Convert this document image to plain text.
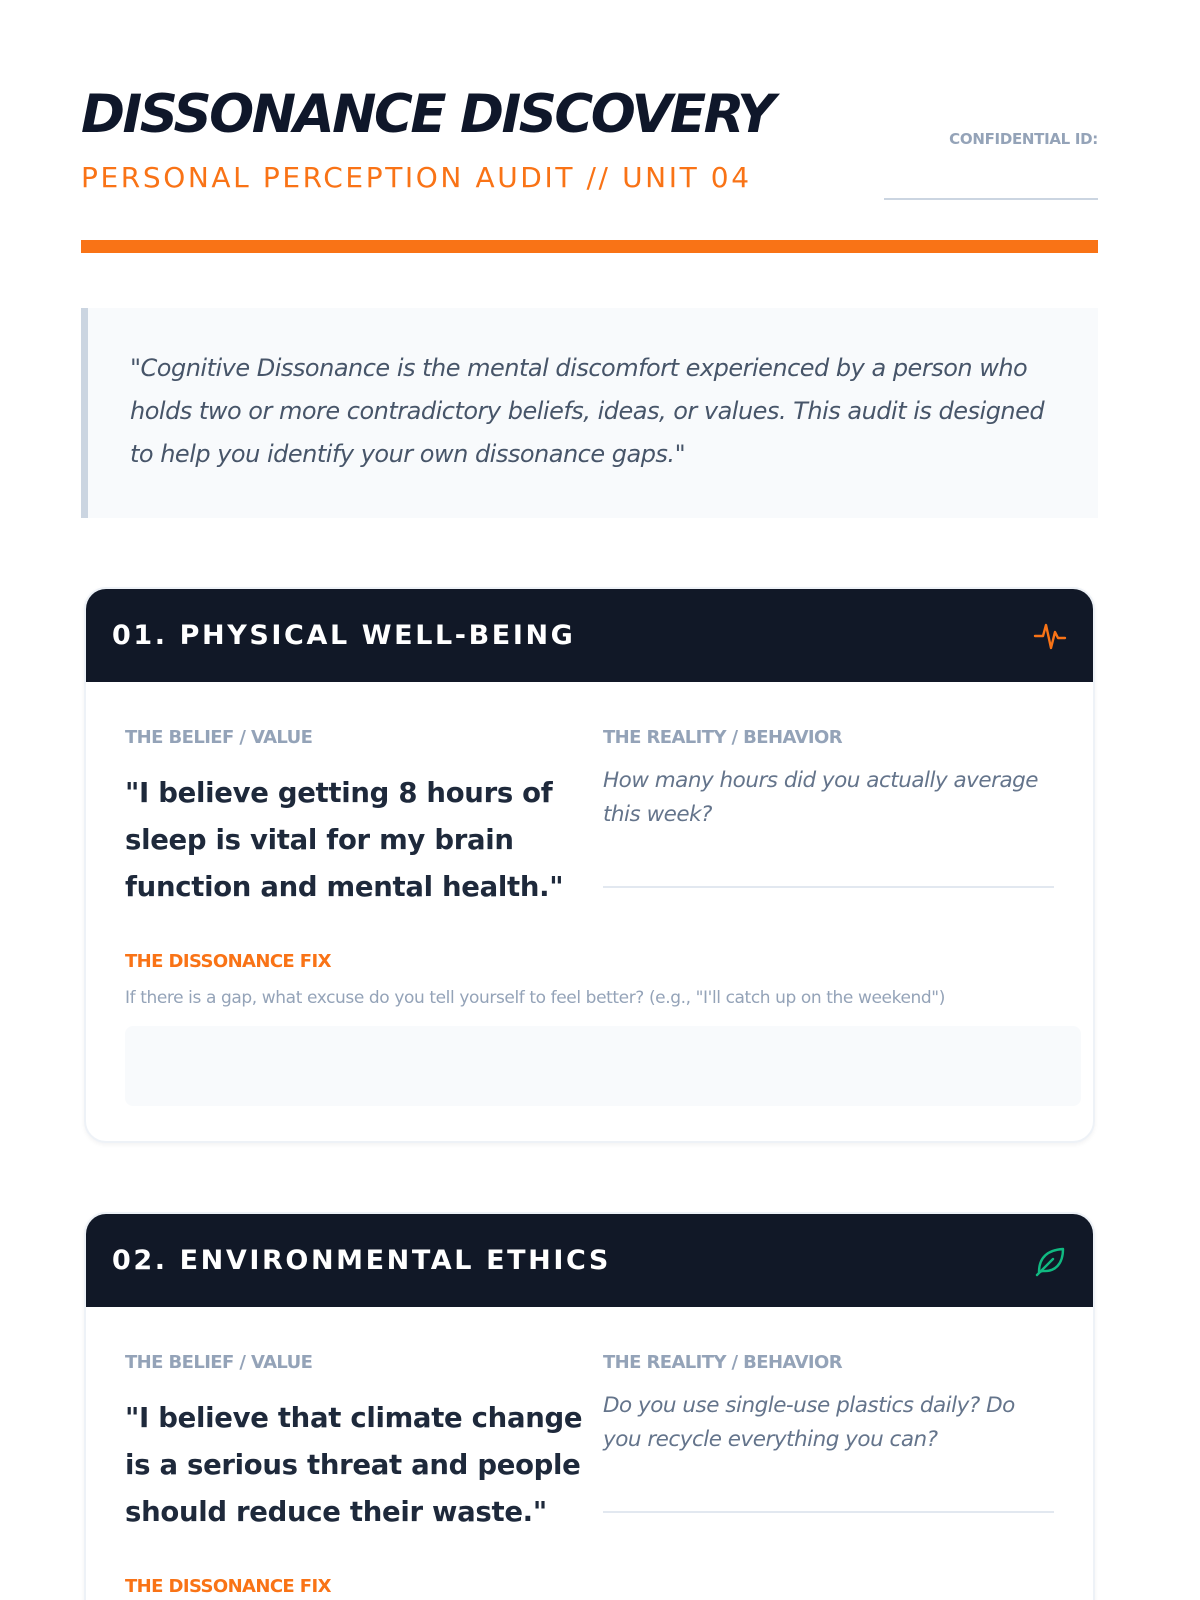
DISSONANCE DISCOVERY
PERSONAL PERCEPTION AUDIT // UNIT 04
CONFIDENTIAL ID:
"Cognitive Dissonance is the mental discomfort experienced by a person who holds two or more contradictory beliefs, ideas, or values. This audit is designed to help you identify your own dissonance gaps."
01. PHYSICAL WELL-BEING
THE BELIEF / VALUE
"I believe getting 8 hours of sleep is vital for my brain function and mental health."
THE REALITY / BEHAVIOR
How many hours did you actually average this week?
THE DISSONANCE FIX
If there is a gap, what excuse do you tell yourself to feel better? (e.g., "I'll catch up on the weekend")
02. ENVIRONMENTAL ETHICS
THE BELIEF / VALUE
"I believe that climate change is a serious threat and people should reduce their waste."
THE REALITY / BEHAVIOR
Do you use single-use plastics daily? Do you recycle everything you can?
THE DISSONANCE FIX
